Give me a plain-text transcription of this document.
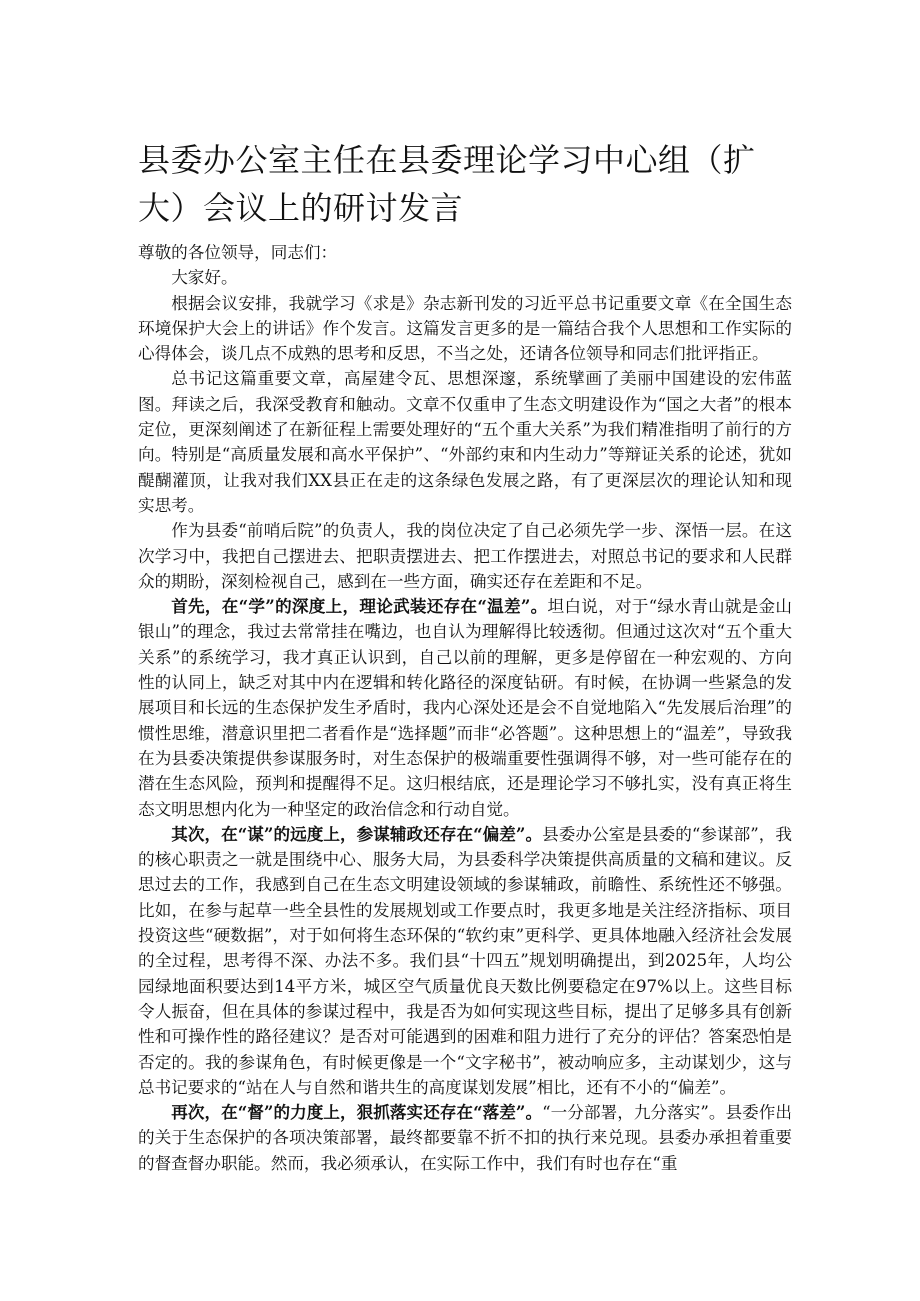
县委办公室主任在县委理论学习中心组（扩大）会议上的研讨发言

尊敬的各位领导，同志们：

大家好。

根据会议安排，我就学习《求是》杂志新刊发的习近平总书记重要文章《在全国生态环境保护大会上的讲话》作个发言。这篇发言更多的是一篇结合我个人思想和工作实际的心得体会，谈几点不成熟的思考和反思，不当之处，还请各位领导和同志们批评指正。

总书记这篇重要文章，高屋建令瓦、思想深邃，系统擘画了美丽中国建设的宏伟蓝图。拜读之后，我深受教育和触动。文章不仅重申了生态文明建设作为“国之大者”的根本定位，更深刻阐述了在新征程上需要处理好的“五个重大关系”为我们精准指明了前行的方向。特别是“高质量发展和高水平保护”、“外部约束和内生动力”等辩证关系的论述，犹如醍醐灌顶，让我对我们XX县正在走的这条绿色发展之路，有了更深层次的理论认知和现实思考。

作为县委“前哨后院”的负责人，我的岗位决定了自己必须先学一步、深悟一层。在这次学习中，我把自己摆进去、把职责摆进去、把工作摆进去，对照总书记的要求和人民群众的期盼，深刻检视自己，感到在一些方面，确实还存在差距和不足。

首先，在“学”的深度上，理论武装还存在“温差”。坦白说，对于“绿水青山就是金山银山”的理念，我过去常常挂在嘴边，也自认为理解得比较透彻。但通过这次对“五个重大关系”的系统学习，我才真正认识到，自己以前的理解，更多是停留在一种宏观的、方向性的认同上，缺乏对其中内在逻辑和转化路径的深度钻研。有时候，在协调一些紧急的发展项目和长远的生态保护发生矛盾时，我内心深处还是会不自觉地陷入“先发展后治理”的惯性思维，潜意识里把二者看作是“选择题”而非“必答题”。这种思想上的“温差”，导致我在为县委决策提供参谋服务时，对生态保护的极端重要性强调得不够，对一些可能存在的潜在生态风险，预判和提醒得不足。这归根结底，还是理论学习不够扎实，没有真正将生态文明思想内化为一种坚定的政治信念和行动自觉。

其次，在“谋”的远度上，参谋辅政还存在“偏差”。县委办公室是县委的“参谋部”，我的核心职责之一就是围绕中心、服务大局，为县委科学决策提供高质量的文稿和建议。反思过去的工作，我感到自己在生态文明建设领域的参谋辅政，前瞻性、系统性还不够强。比如，在参与起草一些全县性的发展规划或工作要点时，我更多地是关注经济指标、项目投资这些“硬数据”，对于如何将生态环保的“软约束”更科学、更具体地融入经济社会发展的全过程，思考得不深、办法不多。我们县“十四五”规划明确提出，到2025年，人均公园绿地面积要达到14平方米，城区空气质量优良天数比例要稳定在97%以上。这些目标令人振奋，但在具体的参谋过程中，我是否为如何实现这些目标，提出了足够多具有创新性和可操作性的路径建议？是否对可能遇到的困难和阻力进行了充分的评估？答案恐怕是否定的。我的参谋角色，有时候更像是一个“文字秘书”，被动响应多，主动谋划少，这与总书记要求的“站在人与自然和谐共生的高度谋划发展”相比，还有不小的“偏差”。

再次，在“督”的力度上，狠抓落实还存在“落差”。“一分部署，九分落实”。县委作出的关于生态保护的各项决策部署，最终都要靠不折不扣的执行来兑现。县委办承担着重要的督查督办职能。然而，我必须承认，在实际工作中，我们有时也存在“重
